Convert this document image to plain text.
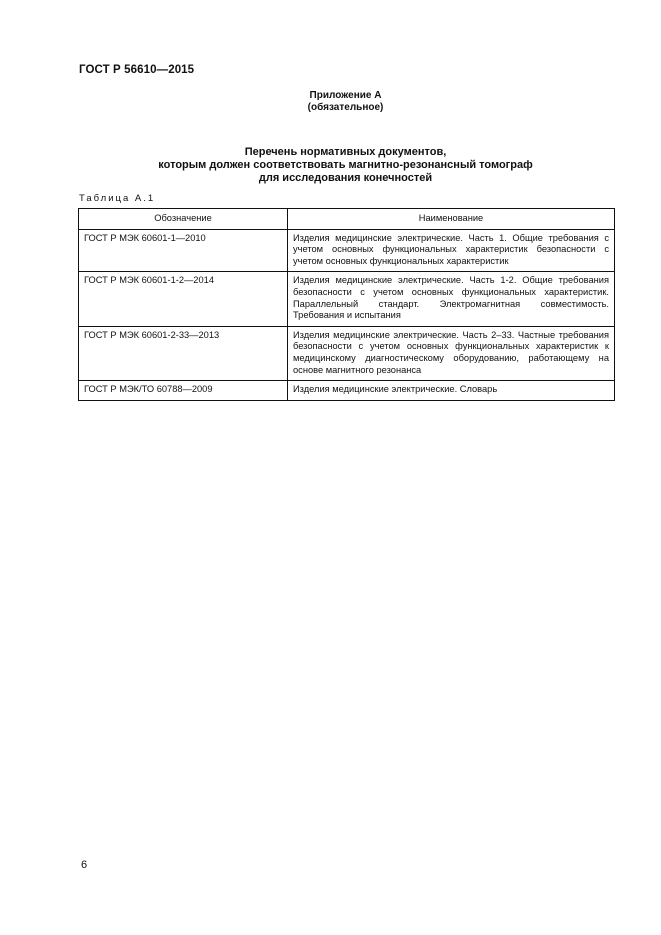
ГОСТ Р 56610—2015
Приложение А
(обязательное)
Перечень нормативных документов,
которым должен соответствовать магнитно-резонансный томограф
для исследования конечностей
Таблица А.1
Обозначение	Наименование
ГОСТ Р МЭК 60601-1—2010	Изделия медицинские электрические. Часть 1. Общие требования с учетом основных функциональных характеристик безопасности с учетом основных функциональных характеристик
ГОСТ Р МЭК 60601-1-2—2014	Изделия медицинские электрические. Часть 1-2. Общие требования безопасности с учетом основных функциональных характеристик. Параллельный стандарт. Электромагнитная совместимость. Требования и испытания
ГОСТ Р МЭК 60601-2-33—2013	Изделия медицинские электрические. Часть 2–33. Частные требования безопасности с учетом основных функциональных характеристик к медицинскому диагностическому оборудованию, работающему на основе магнитного резонанса
ГОСТ Р МЭК/ТО 60788—2009	Изделия медицинские электрические. Словарь
6
